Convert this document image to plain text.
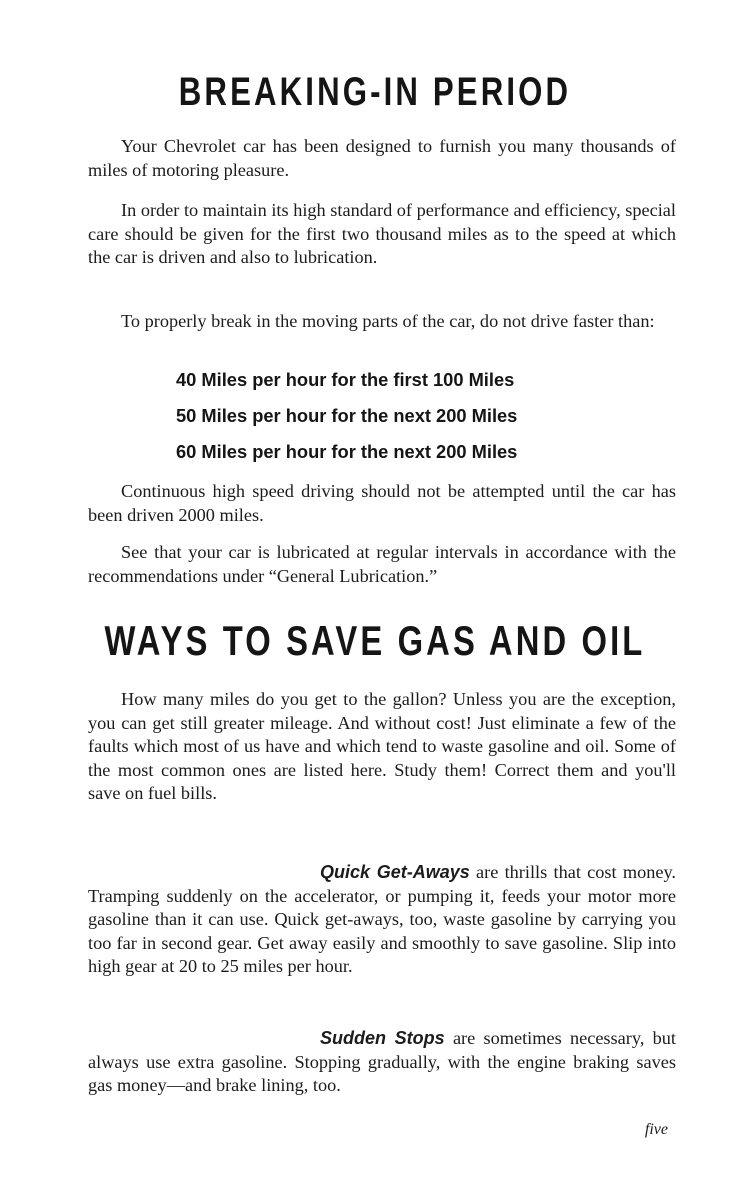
BREAKING-IN PERIOD

Your Chevrolet car has been designed to furnish you many thousands of miles of motoring pleasure.

In order to maintain its high standard of performance and efficiency, special care should be given for the first two thousand miles as to the speed at which the car is driven and also to lubrication.

To properly break in the moving parts of the car, do not drive faster than:

40 Miles per hour for the first 100 Miles

50 Miles per hour for the next 200 Miles

60 Miles per hour for the next 200 Miles

Continuous high speed driving should not be attempted until the car has been driven 2000 miles.

See that your car is lubricated at regular intervals in accordance with the recommendations under “General Lubrication.”

WAYS TO SAVE GAS AND OIL

How many miles do you get to the gallon? Unless you are the exception, you can get still greater mileage. And without cost! Just eliminate a few of the faults which most of us have and which tend to waste gasoline and oil. Some of the most common ones are listed here. Study them! Correct them and you'll save on fuel bills.

Quick Get-Aways are thrills that cost money. Tramping suddenly on the accelerator, or pumping it, feeds your motor more gasoline than it can use. Quick get-aways, too, waste gasoline by carrying you too far in second gear. Get away easily and smoothly to save gasoline. Slip into high gear at 20 to 25 miles per hour.

Sudden Stops are sometimes necessary, but always use extra gasoline. Stopping gradually, with the engine braking saves gas money—and brake lining, too.

five
